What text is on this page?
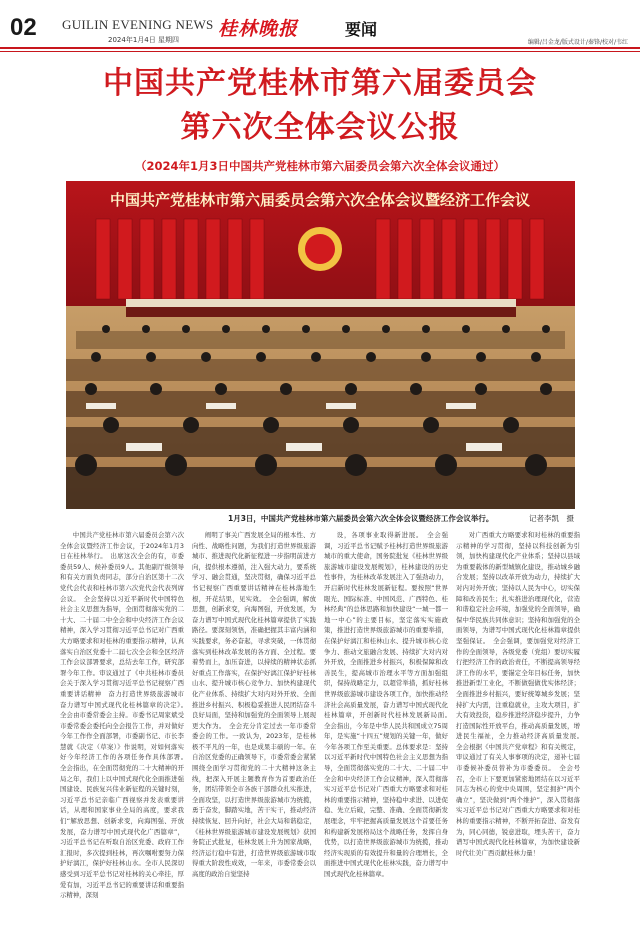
02 GUILIN EVENING NEWS
2024年1月4日 星期四 桂林晚报	要闻
编辑/吕金龙/版式设计/秦锋/校对/韦红
中国共产党桂林市第六届委员会
第六次全体会议公报
（2024年1月3日中国共产党桂林市第六届委员会第六次全体会议通过）
中国共产党桂林市第六届委员会第六次全体会议暨经济工作会议
1月3日，中国共产党桂林市第六届委员会第六次全体会议暨经济工作会议举行。	记者李凯　摄

中国共产党桂林市第六届委员会第六次全体会议暨经济工作会议，于2024年1月3日在桂林举行。　出席这次全会的有，市委委员59人、候补委员9人。其他副厅级领导和有关方面负责同志，部分自治区第十二次党代会代表和桂林市第六次党代会代表列席会议。　全会坚持以习近平新时代中国特色社会主义思想为指导，全面贯彻落实党的二十大、二十届二中全会和中央经济工作会议精神，深入学习贯彻习近平总书记对广西重大方略要求和对桂林的重要指示精神，认真落实自治区党委十二届七次全会和全区经济工作会议部署要求，总结去年工作，研究部署今年工作。审议通过了《中共桂林市委员会关于深入学习贯彻习近平总书记视察广西重要讲话精神　奋力打造世界级旅游城市　奋力谱写中国式现代化桂林篇章的决定》。　全会由市委常委会主持。市委书记周家斌受市委常委会委托向全会报告工作，并对做好今年工作作全面部署，市委副书记、市长李慧就《决定（草案）》作说明，对如何落实好今年经济工作的各项任务作具体部署。　全会指出，在全面贯彻党的二十大精神的开局之年，我们上以中国式现代化全面推进强国建设、民族复兴伟业新征程的关键时刻，习近平总书记亲临广西视察并发表重要讲话，从理和国家事业全局的高度，要求我们“解放思想、创新求变，向海图强、开放发展，奋力谱写中国式现代化广西篇章”，习近平总书记在听取自治区党委、政府工作汇报时，多次提到桂林，再次嘱咐要努力保护好漓江，保护好桂林山水。全市人民深切感受到习近平总书记对桂林的关心牵挂，厚爱有加，习近平总书记的重要讲话和重要指示精神，深刻

阐明了事关广西发展全局的根本性、方向性、战略性问题，为我们打造世界级旅游城市、推进现代化新征程进一步指明前进方向，提供根本遵循，注入强大动力，要系统学习、融会贯通，坚决贯彻，确保习近平总书记视察广西重要讲话精神在桂林落地生根，开花结果，见实效。　全会强调，解放思想，创新求变，向海图强，开放发展，为奋力谱写中国式现代化桂林篇章提供了实践路径。要深刻领悟，准确把握其丰富内涵和实践要求，务必奋起，寻求突破，一体贯彻落实到桂林改革发展的各方面、全过程。要着势而上，加压奋进，以持续的精神状态抓好重点工作落实，在保护好漓江保护好桂林山水、提升城市核心竞争力、加快构建现代化产业体系、持续扩大对内对外开放、全面推进乡村振兴、积极稳妥推进人民团结奋斗良好局面，坚持和加强党的全面领导上展现更大作为。　全会充分肯定过去一年市委常委会的工作。一致认为，2023年，是桂林极不平凡的一年，也是成果丰硕的一年。在自治区党委的正确领导下，市委常委会紧紧围绕全面学习贯彻党的二十大精神这条主线，把深入开展主题教育作为首要政治任务，团结带领全市各族干部群众扎实推进，全面攻坚，以打造世界级旅游城市为统揽，勇于奋发，脚踏实地，苦干实干，推动经济持续恢复、回升向好，社会大局和谐稳定，《桂林世界级旅游城市建设发展规划》获国务院正式批复，桂林发展上升为国家战略，经济运行稳中有进，打造世界级旅游城市取得重大阶段性成效，一年来，市委常委会以高度的政治自觉坚持

设，各项事业取得新进展。　全会强调，习近平总书记赋予桂林打造世界级旅游城市的重大使命，国务院批复《桂林世界级旅游城市建设发展规划》，桂林建设的历史性事件，为桂林改革发展注入了强劲动力，开启新时代桂林发展新征程。要按照“世界眼光、国际标准、中国风范、广西特色、桂林经典”的总体思路和加快建设“一城一都一地一中心”的主要目标，坚定落实实施政策，推进打造世界级旅游城市的重要举措，在保护好漓江和桂林山水、提升城市核心竞争力、推动文旅融合发展、持续扩大对内对外开放，全面推进乡村振兴，积极保障和改善民生，提高城市治理水平等方面加强组织，保持战略定力，以超常举措，抓好桂林世界级旅游城市建设各项工作，加快推动经济社会高质量发展，奋力谱写中国式现代化桂林篇章，开创新时代桂林发展新局面。　全会指出，今年是中华人民共和国成立75周年，是实施“十四五”规划的关键一年，做好今年各项工作至关重要。总体要求是：坚持以习近平新时代中国特色社会主义思想为指导，全面贯彻落实党的二十大、二十届二中全会和中央经济工作会议精神，深入贯彻落实习近平总书记对广西重大方略要求和对桂林的重要指示精神，坚持稳中求进、以进促稳、先立后破，完整、准确、全面贯彻新发展理念，牢牢把握高质量发展这个首要任务和构建新发展格局这个战略任务，发挥自身优势，以打造世界级旅游城市为统揽，推动经济实现质的有效提升和量的合理增长，全面推进中国式现代化桂林实践，奋力谱写中国式现代化桂林篇章。

对广西重大方略要求和对桂林的重要指示精神的学习贯彻，坚持以科技创新为引领，加快构建现代化产业体系；坚持以县域为重要载体的新型城镇化建设，推动城乡融合发展；坚持以改革开放为动力，持续扩大对内对外开放；坚持以人民为中心，切实保障和改善民生；扎实推进治理现代化，营造和谐稳定社会环境，加强党的全面领导，确保中华民族共同体意识；坚持和加强党的全面领导，为谱写中国式现代化桂林篇章提供坚强保证。　全会强调，要加强党对经济工作的全面领导，各级党委（党组）要切实履行把经济工作的政治责任，不断提高领导经济工作的水平，要锚定全年目标任务，加快推进新型工业化，不断做强做优实体经济；全面推进乡村振兴，要好统筹城乡发展；坚持扩大内需，注重稳就业，主攻大项目，扩大有效投资，稳步推进经济稳步提升，力争打造国际性开放平台，推动高质量发展，增进民生福祉，全力推动经济高质量发展。　全会根据《中国共产党章程》和有关规定，审议通过了有关人事事项的决定，递补七届市委候补委员替补为市委委员。　全会号召，全市上下要更加紧密地团结在以习近平同志为核心的党中央周围，坚定拥护“两个确立”，坚决做到“两个维护”，深入贯彻落实习近平总书记对广西重大方略要求和对桂林的重要指示精神，不断开拓奋进、奋发有为，同心同德，锐意进取，埋头苦干，奋力谱写中国式现代化桂林篇章，为加快建设新时代壮美广西贡献桂林力量！
